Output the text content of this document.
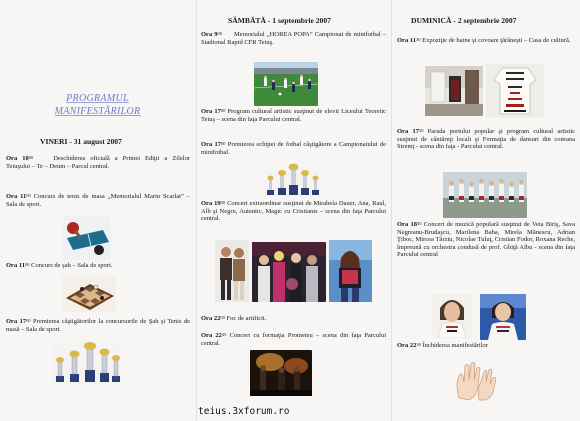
PROGRAMUL
MANIFESTĂRILOR
VINERI - 31 august 2007

Ora $10^{00}$	Deschiderea oficială a Primei Ediţii a Zilelor Teiuşului – Te – Deum – Parcul central.

Ora $11^{00}$ Concurs de tenis de masa „Memorialul Marin Scarlat” – Sala de sport.

Ora $11^{00}$ Concurs de şah – Sala de sport.

Ora $17^{00}$ Premierea câştigătorilor la concursurile de Şah şi Tenis de masă – Sala de sport.

SÂMBĂTĂ - 1 septembrie 2007

Ora $9^{00}$ Memorialul „HOREA POPA” Campionat de minifotbal – Stadional Rapid CFR Teiuş.

Ora $17^{00}$ Program cultural artistic susţinut de elevii Liceului Teoretic Teiuş – scena din faţa Parcului central.

Ora $17^{00}$ Premierea echipei de fotbal câştigătore a Campionatului de minifotbal.

Ora $19^{00}$ Concert extraordinar susţinut de Mirabela Dauer, Ana, Raul, Alb şi Negru, Autentic, Magic cu Cristianis – scena din faţa Parcului central.

Ora $22^{00}$ Foc de artificii.

Ora $22^{45}$ Concert cu formaţia Prometeu – scena din faţa Parcului central.

DUMINICĂ - 2 septembrie 2007

Ora $11^{30}$ Expoziţie de haine şi covoare ţărăneşti – Casa de cultură.

Ora $17^{30}$ Parada portului popular şi program cultural artistic susţinut de cântăreţi locali şi Formaţia de dansuri din comuna Stremţ - scena din faţa - Parcului central.

Ora $18^{30}$ Concert de muzică populară susţinut de Veta Biriş, Sava Negreanu-Brudaşcu, Marilena Baba, Mirela Mănescu, Adrian Ţiboc, Mircea Târziu, Nicolae Tuluţ, Cristian Fodor, Roxana Reche, împreună cu orchestra condusă de prof. Ghiţă Albu - scena din faţa Parcului central

Ora $22^{30}$ Închiderea manifestărilor

teius.3xforum.ro
